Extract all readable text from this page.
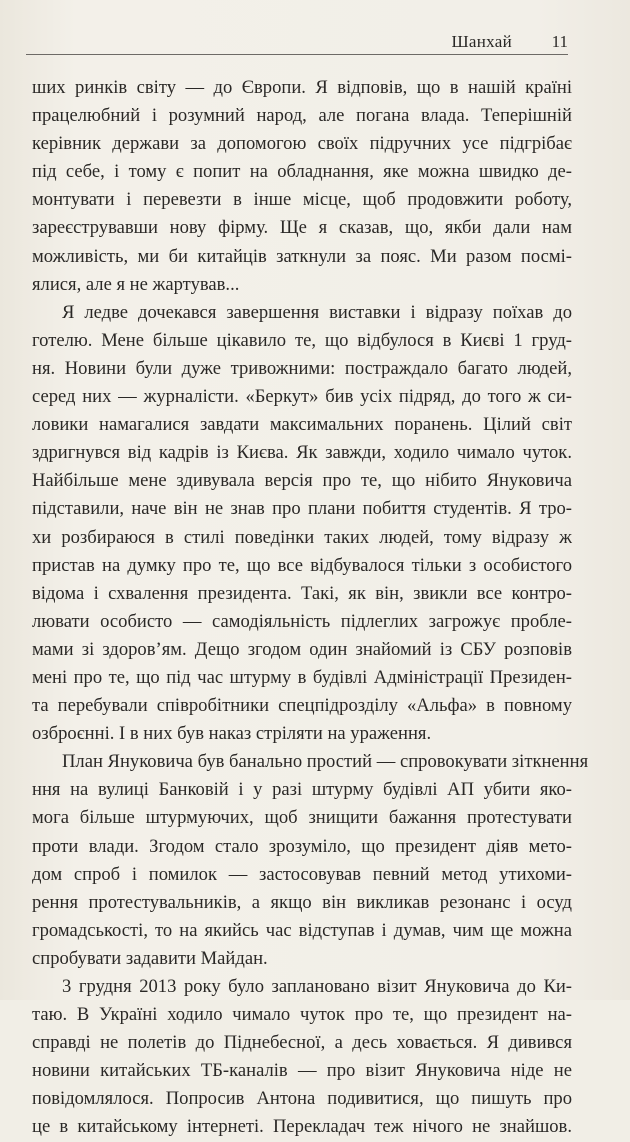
Шанхай 11
ших ринків світу — до Європи. Я відповів, що в нашій країні
працелюбний і розумний народ, але погана влада. Теперішній
керівник держави за допомогою своїх підручних усе підгрібає
під себе, і тому є попит на обладнання, яке можна швидко де-
монтувати і перевезти в інше місце, щоб продовжити роботу,
зареєструвавши нову фірму. Ще я сказав, що, якби дали нам
можливість, ми би китайців заткнули за пояс. Ми разом посмі-
ялися, але я не жартував...
Я ледве дочекався завершення виставки і відразу поїхав до
готелю. Мене більше цікавило те, що відбулося в Києві 1 груд-
ня. Новини були дуже тривожними: постраждало багато людей,
серед них — журналісти. «Беркут» бив усіх підряд, до того ж си-
ловики намагалися завдати максимальних поранень. Цілий світ
здригнувся від кадрів із Києва. Як завжди, ходило чимало чуток.
Найбільше мене здивувала версія про те, що нібито Януковича
підставили, наче він не знав про плани побиття студентів. Я тро-
хи розбираюся в стилі поведінки таких людей, тому відразу ж
пристав на думку про те, що все відбувалося тільки з особистого
відома і схвалення президента. Такі, як він, звикли все контро-
лювати особисто — самодіяльність підлеглих загрожує пробле-
мами зі здоров’ям. Дещо згодом один знайомий із СБУ розповів
мені про те, що під час штурму в будівлі Адміністрації Президен-
та перебували співробітники спецпідрозділу «Альфа» в повному
озброєнні. І в них був наказ стріляти на ураження.
План Януковича був банально простий — спровокувати зіткнення
ння на вулиці Банковій і у разі штурму будівлі АП убити яко-
мога більше штурмуючих, щоб знищити бажання протестувати
проти влади. Згодом стало зрозуміло, що президент діяв мето-
дом спроб і помилок — застосовував певний метод утихоми-
рення протестувальників, а якщо він викликав резонанс і осуд
громадськості, то на якийсь час відступав і думав, чим ще можна
спробувати задавити Майдан.
3 грудня 2013 року було заплановано візит Януковича до Ки-
таю. В Україні ходило чимало чуток про те, що президент на-
справді не полетів до Піднебесної, а десь ховається. Я дивився
новини китайських ТБ-каналів — про візит Януковича ніде не
повідомлялося. Попросив Антона подивитися, що пишуть про
це в китайському інтернеті. Перекладач теж нічого не знайшов.
